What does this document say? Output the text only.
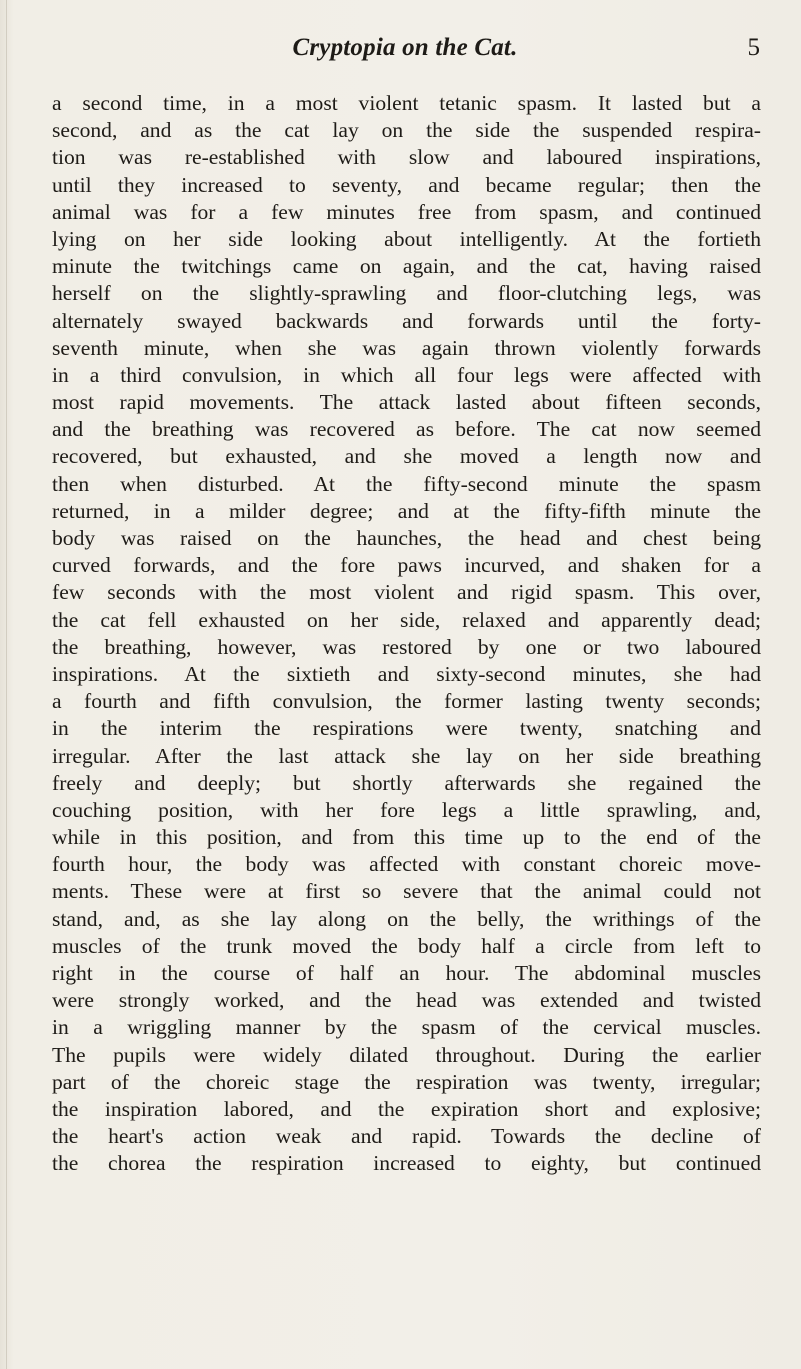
Cryptopia on the Cat.	5
a second time, in a most violent tetanic spasm. It lasted but a
second, and as the cat lay on the side the suspended respira-
tion was re-established with slow and laboured inspirations,
until they increased to seventy, and became regular; then the
animal was for a few minutes free from spasm, and continued
lying on her side looking about intelligently. At the fortieth
minute the twitchings came on again, and the cat, having raised
herself on the slightly-sprawling and floor-clutching legs, was
alternately swayed backwards and forwards until the forty-
seventh minute, when she was again thrown violently forwards
in a third convulsion, in which all four legs were affected with
most rapid movements. The attack lasted about fifteen seconds,
and the breathing was recovered as before. The cat now seemed
recovered, but exhausted, and she moved a length now and
then when disturbed. At the fifty-second minute the spasm
returned, in a milder degree; and at the fifty-fifth minute the
body was raised on the haunches, the head and chest being
curved forwards, and the fore paws incurved, and shaken for a
few seconds with the most violent and rigid spasm. This over,
the cat fell exhausted on her side, relaxed and apparently dead;
the breathing, however, was restored by one or two laboured
inspirations. At the sixtieth and sixty-second minutes, she had
a fourth and fifth convulsion, the former lasting twenty seconds;
in the interim the respirations were twenty, snatching and
irregular. After the last attack she lay on her side breathing
freely and deeply; but shortly afterwards she regained the
couching position, with her fore legs a little sprawling, and,
while in this position, and from this time up to the end of the
fourth hour, the body was affected with constant choreic move-
ments. These were at first so severe that the animal could not
stand, and, as she lay along on the belly, the writhings of the
muscles of the trunk moved the body half a circle from left to
right in the course of half an hour. The abdominal muscles
were strongly worked, and the head was extended and twisted
in a wriggling manner by the spasm of the cervical muscles.
The pupils were widely dilated throughout. During the earlier
part of the choreic stage the respiration was twenty, irregular;
the inspiration labored, and the expiration short and explosive;
the heart's action weak and rapid. Towards the decline of
the chorea the respiration increased to eighty, but continued
